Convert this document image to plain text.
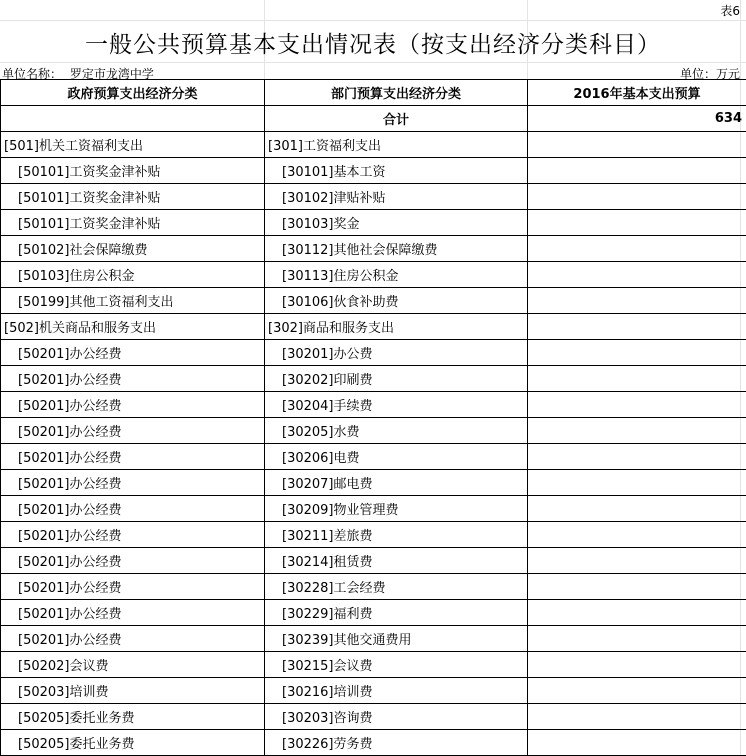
表6
一般公共预算基本支出情况表（按支出经济分类科目）
单位名称： 罗定市龙湾中学	单位：万元
政府预算支出经济分类	部门预算支出经济分类	2016年基本支出预算
	合计	634
[501]机关工资福利支出	[301]工资福利支出	
[50101]工资奖金津补贴	[30101]基本工资	
[50101]工资奖金津补贴	[30102]津贴补贴	
[50101]工资奖金津补贴	[30103]奖金	
[50102]社会保障缴费	[30112]其他社会保障缴费	
[50103]住房公积金	[30113]住房公积金	
[50199]其他工资福利支出	[30106]伙食补助费	
[502]机关商品和服务支出	[302]商品和服务支出	
[50201]办公经费	[30201]办公费	
[50201]办公经费	[30202]印刷费	
[50201]办公经费	[30204]手续费	
[50201]办公经费	[30205]水费	
[50201]办公经费	[30206]电费	
[50201]办公经费	[30207]邮电费	
[50201]办公经费	[30209]物业管理费	
[50201]办公经费	[30211]差旅费	
[50201]办公经费	[30214]租赁费	
[50201]办公经费	[30228]工会经费	
[50201]办公经费	[30229]福利费	
[50201]办公经费	[30239]其他交通费用	
[50202]会议费	[30215]会议费	
[50203]培训费	[30216]培训费	
[50205]委托业务费	[30203]咨询费	
[50205]委托业务费	[30226]劳务费	
